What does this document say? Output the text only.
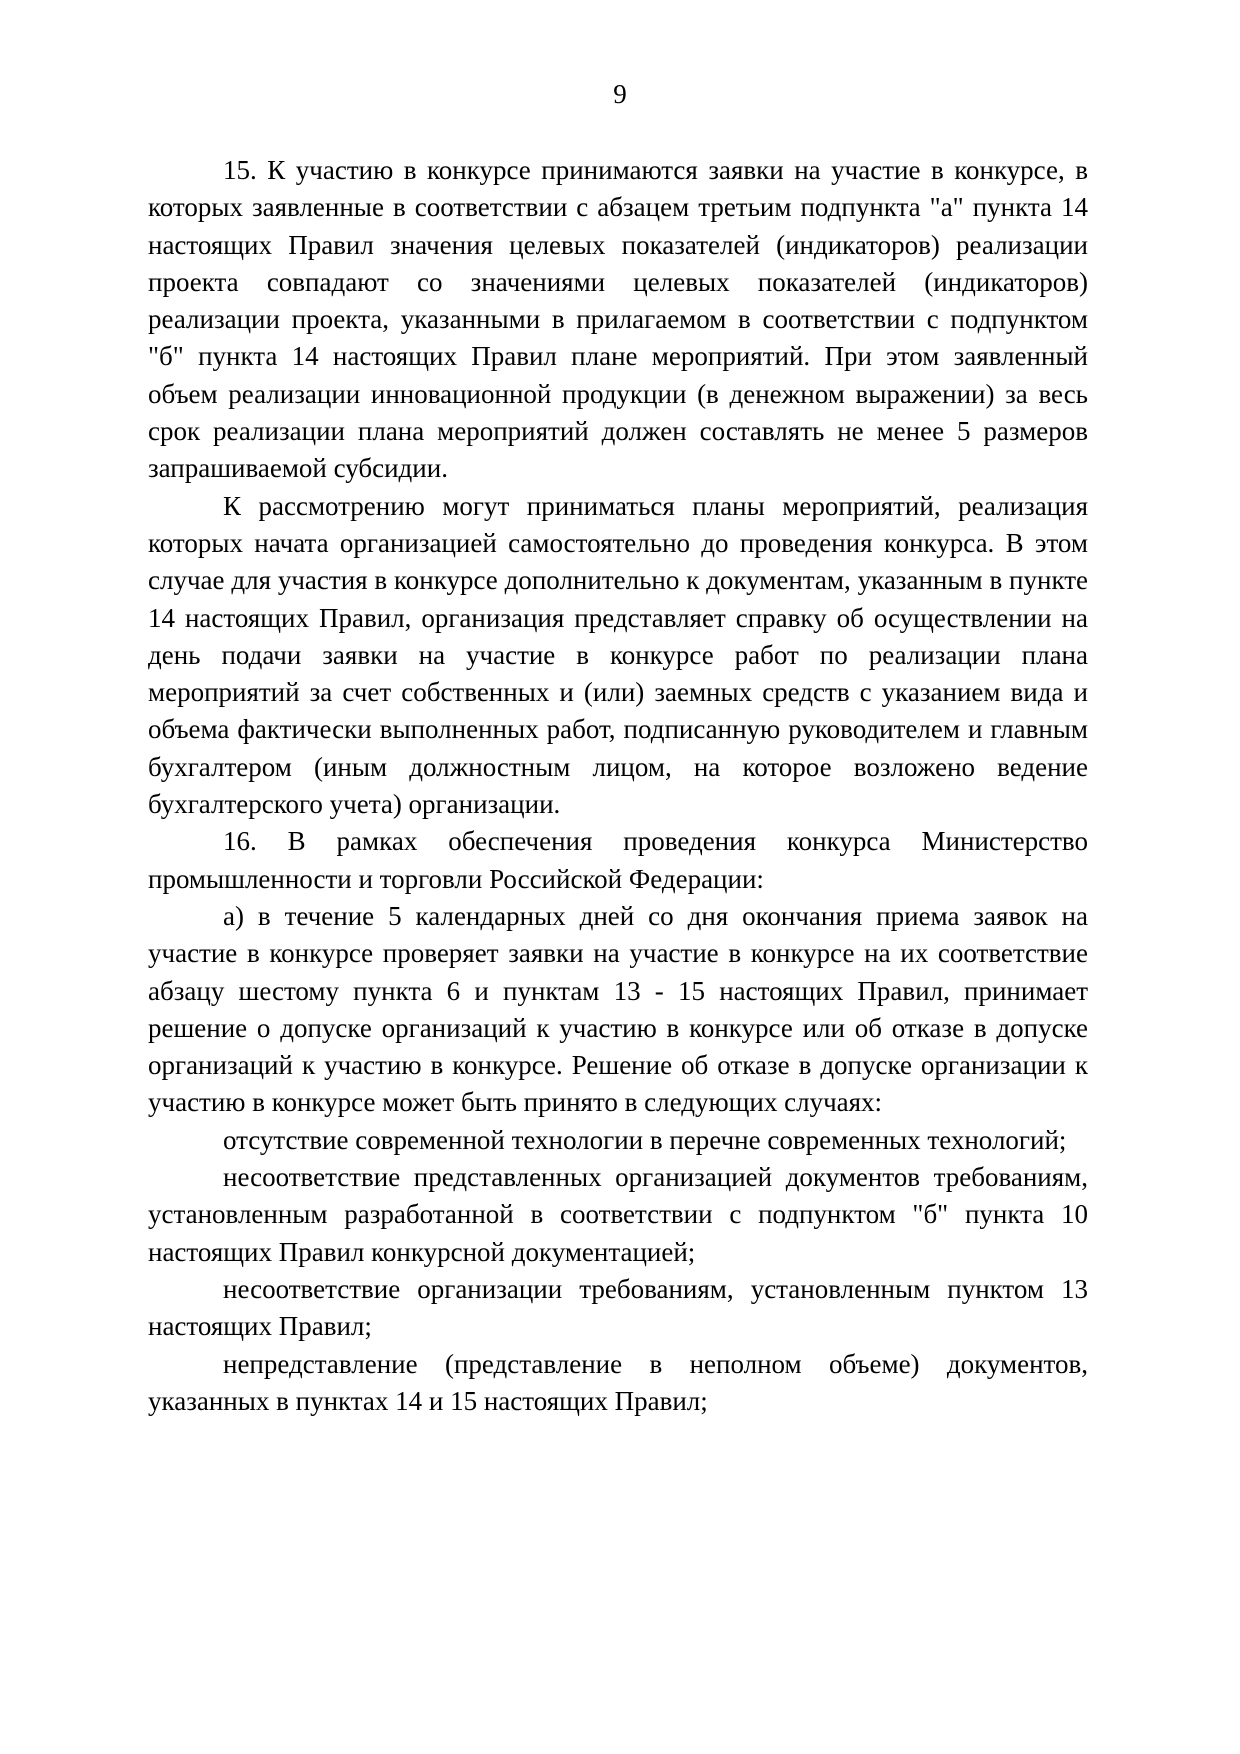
9

15. К участию в конкурсе принимаются заявки на участие в конкурсе, в которых заявленные в соответствии с абзацем третьим подпункта "а" пункта 14 настоящих Правил значения целевых показателей (индикаторов) реализации проекта совпадают со значениями целевых показателей (индикаторов) реализации проекта, указанными в прилагаемом в соответствии с подпунктом "б" пункта 14 настоящих Правил плане мероприятий. При этом заявленный объем реализации инновационной продукции (в денежном выражении) за весь срок реализации плана мероприятий должен составлять не менее 5 размеров запрашиваемой субсидии.

К рассмотрению могут приниматься планы мероприятий, реализация которых начата организацией самостоятельно до проведения конкурса. В этом случае для участия в конкурсе дополнительно к документам, указанным в пункте 14 настоящих Правил, организация представляет справку об осуществлении на день подачи заявки на участие в конкурсе работ по реализации плана мероприятий за счет собственных и (или) заемных средств с указанием вида и объема фактически выполненных работ, подписанную руководителем и главным бухгалтером (иным должностным лицом, на которое возложено ведение бухгалтерского учета) организации.

16. В рамках обеспечения проведения конкурса Министерство промышленности и торговли Российской Федерации:

а) в течение 5 календарных дней со дня окончания приема заявок на участие в конкурсе проверяет заявки на участие в конкурсе на их соответствие абзацу шестому пункта 6 и пунктам 13 - 15 настоящих Правил, принимает решение о допуске организаций к участию в конкурсе или об отказе в допуске организаций к участию в конкурсе. Решение об отказе в допуске организации к участию в конкурсе может быть принято в следующих случаях:

отсутствие современной технологии в перечне современных технологий;

несоответствие представленных организацией документов требованиям, установленным разработанной в соответствии с подпунктом "б" пункта 10 настоящих Правил конкурсной документацией;

несоответствие организации требованиям, установленным пунктом 13 настоящих Правил;

непредставление (представление в неполном объеме) документов, указанных в пунктах 14 и 15 настоящих Правил;
